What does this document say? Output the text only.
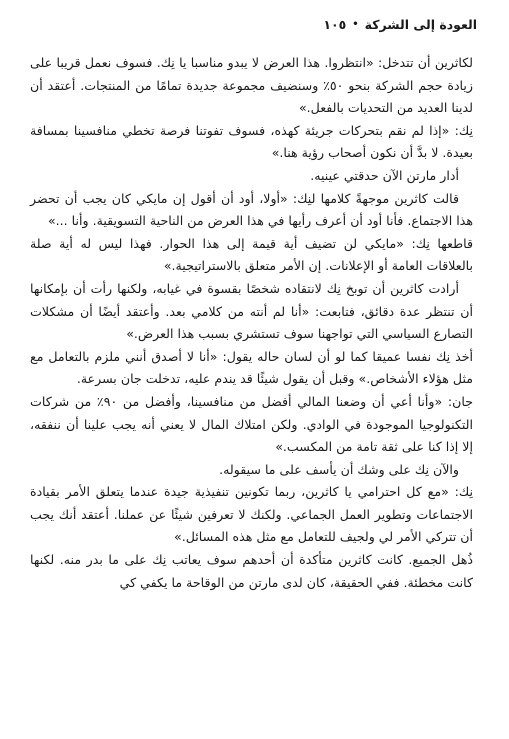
العودة إلى الشركة
•
١٠٥

لكاثرين أن تتدخل: «انتظروا. هذا العرض لا يبدو مناسبا يا نِك. فسوف نعمل قريبا على زيادة حجم الشركة بنحو ٥٠٪ وسنضيف مجموعة جديدة تمامًا من المنتجات. أعتقد أن لدينا العديد من التحديات بالفعل.»

نِك: «إذا لم نقم بتحركات جريئة كهذه، فسوف تفوتنا فرصة تخطي منافسينا بمسافة بعيدة. لا بدَّ أن نكون أصحاب رؤية هنا.»

أدار مارتن الآن حدقتي عينيه.

قالت كاثرين موجهةً كلامها لنِك: «أولا، أود أن أقول إن مايكي كان يجب أن تحضر هذا الاجتماع. فأنا أود أن أعرف رأيها في هذا العرض من الناحية التسويقية. وأنا ...»

قاطعها نِك: «مايكي لن تضيف أية قيمة إلى هذا الحوار. فهذا ليس له أية صلة بالعلاقات العامة أو الإعلانات. إن الأمر متعلق بالاستراتيجية.»

أرادت كاثرين أن توبخ نِك لانتقاده شخصًا بقسوة في غيابه، ولكنها رأت أن بإمكانها أن تنتظر عدة دقائق، فتابعت: «أنا لم أنته من كلامي بعد. وأعتقد أيضًا أن مشكلات التصارع السياسي التي تواجهنا سوف تستشري بسبب هذا العرض.»

أخذ نِك نفسا عميقا كما لو أن لسان حاله يقول: «أنا لا أصدق أنني ملزم بالتعامل مع مثل هؤلاء الأشخاص.» وقبل أن يقول شيئًا قد يندم عليه، تدخلت جان بسرعة.

جان: «وأنا أعي أن وضعنا المالي أفضل من منافسينا، وأفضل من ٩٠٪ من شركات التكنولوجيا الموجودة في الوادي. ولكن امتلاك المال لا يعني أنه يجب علينا أن ننفقه، إلا إذا كنا على ثقة تامة من المكسب.»

والآن نِك على وشك أن يأسف على ما سيقوله.

نِك: «مع كل احترامي يا كاثرين، ربما تكونين تنفيذية جيدة عندما يتعلق الأمر بقيادة الاجتماعات وتطوير العمل الجماعي. ولكنك لا تعرفين شيئًا عن عملنا. أعتقد أنك يجب أن تتركي الأمر لي ولجيف للتعامل مع مثل هذه المسائل.»

ذُهل الجميع. كانت كاثرين متأكدة أن أحدهم سوف يعاتب نِك على ما بدر منه. لكنها كانت مخطئة. ففي الحقيقة، كان لدى مارتن من الوقاحة ما يكفي كي
